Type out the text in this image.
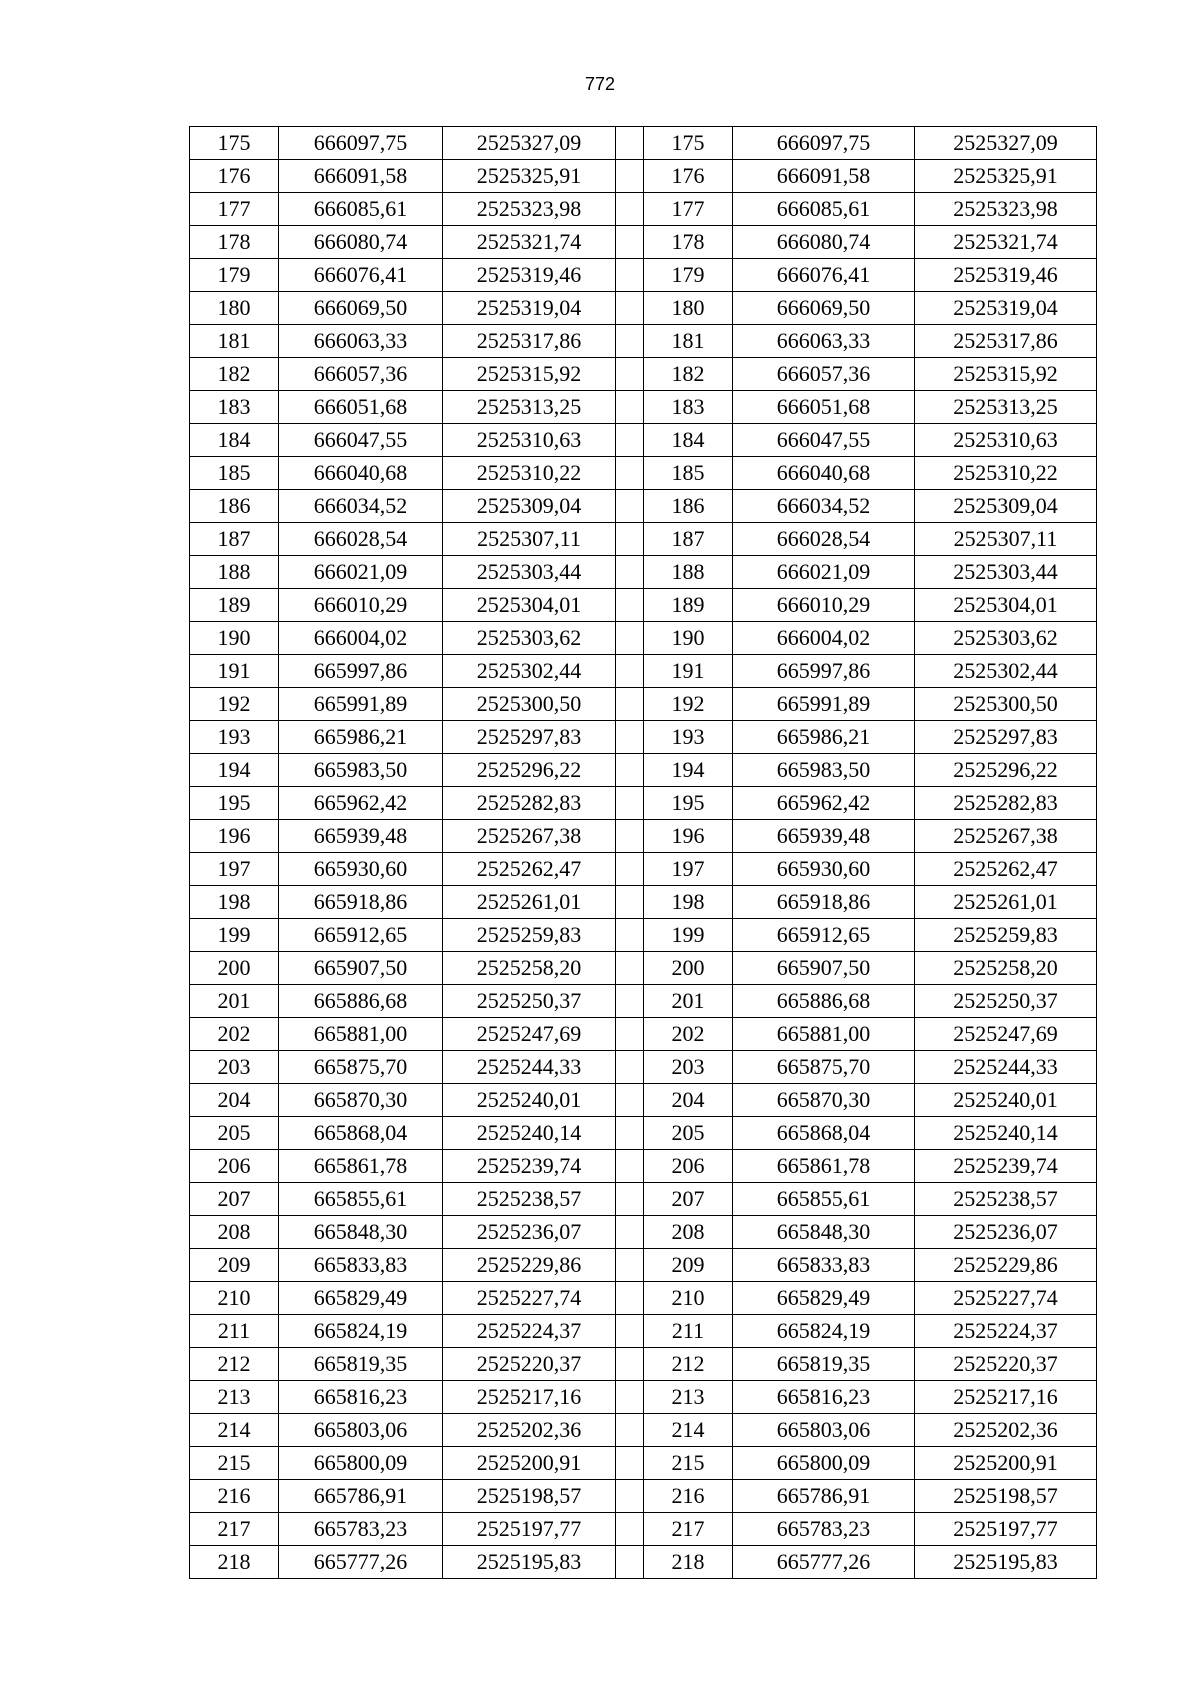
772
175	666097,75	2525327,09		175	666097,75	2525327,09
176	666091,58	2525325,91		176	666091,58	2525325,91
177	666085,61	2525323,98		177	666085,61	2525323,98
178	666080,74	2525321,74		178	666080,74	2525321,74
179	666076,41	2525319,46		179	666076,41	2525319,46
180	666069,50	2525319,04		180	666069,50	2525319,04
181	666063,33	2525317,86		181	666063,33	2525317,86
182	666057,36	2525315,92		182	666057,36	2525315,92
183	666051,68	2525313,25		183	666051,68	2525313,25
184	666047,55	2525310,63		184	666047,55	2525310,63
185	666040,68	2525310,22		185	666040,68	2525310,22
186	666034,52	2525309,04		186	666034,52	2525309,04
187	666028,54	2525307,11		187	666028,54	2525307,11
188	666021,09	2525303,44		188	666021,09	2525303,44
189	666010,29	2525304,01		189	666010,29	2525304,01
190	666004,02	2525303,62		190	666004,02	2525303,62
191	665997,86	2525302,44		191	665997,86	2525302,44
192	665991,89	2525300,50		192	665991,89	2525300,50
193	665986,21	2525297,83		193	665986,21	2525297,83
194	665983,50	2525296,22		194	665983,50	2525296,22
195	665962,42	2525282,83		195	665962,42	2525282,83
196	665939,48	2525267,38		196	665939,48	2525267,38
197	665930,60	2525262,47		197	665930,60	2525262,47
198	665918,86	2525261,01		198	665918,86	2525261,01
199	665912,65	2525259,83		199	665912,65	2525259,83
200	665907,50	2525258,20		200	665907,50	2525258,20
201	665886,68	2525250,37		201	665886,68	2525250,37
202	665881,00	2525247,69		202	665881,00	2525247,69
203	665875,70	2525244,33		203	665875,70	2525244,33
204	665870,30	2525240,01		204	665870,30	2525240,01
205	665868,04	2525240,14		205	665868,04	2525240,14
206	665861,78	2525239,74		206	665861,78	2525239,74
207	665855,61	2525238,57		207	665855,61	2525238,57
208	665848,30	2525236,07		208	665848,30	2525236,07
209	665833,83	2525229,86		209	665833,83	2525229,86
210	665829,49	2525227,74		210	665829,49	2525227,74
211	665824,19	2525224,37		211	665824,19	2525224,37
212	665819,35	2525220,37		212	665819,35	2525220,37
213	665816,23	2525217,16		213	665816,23	2525217,16
214	665803,06	2525202,36		214	665803,06	2525202,36
215	665800,09	2525200,91		215	665800,09	2525200,91
216	665786,91	2525198,57		216	665786,91	2525198,57
217	665783,23	2525197,77		217	665783,23	2525197,77
218	665777,26	2525195,83		218	665777,26	2525195,83
